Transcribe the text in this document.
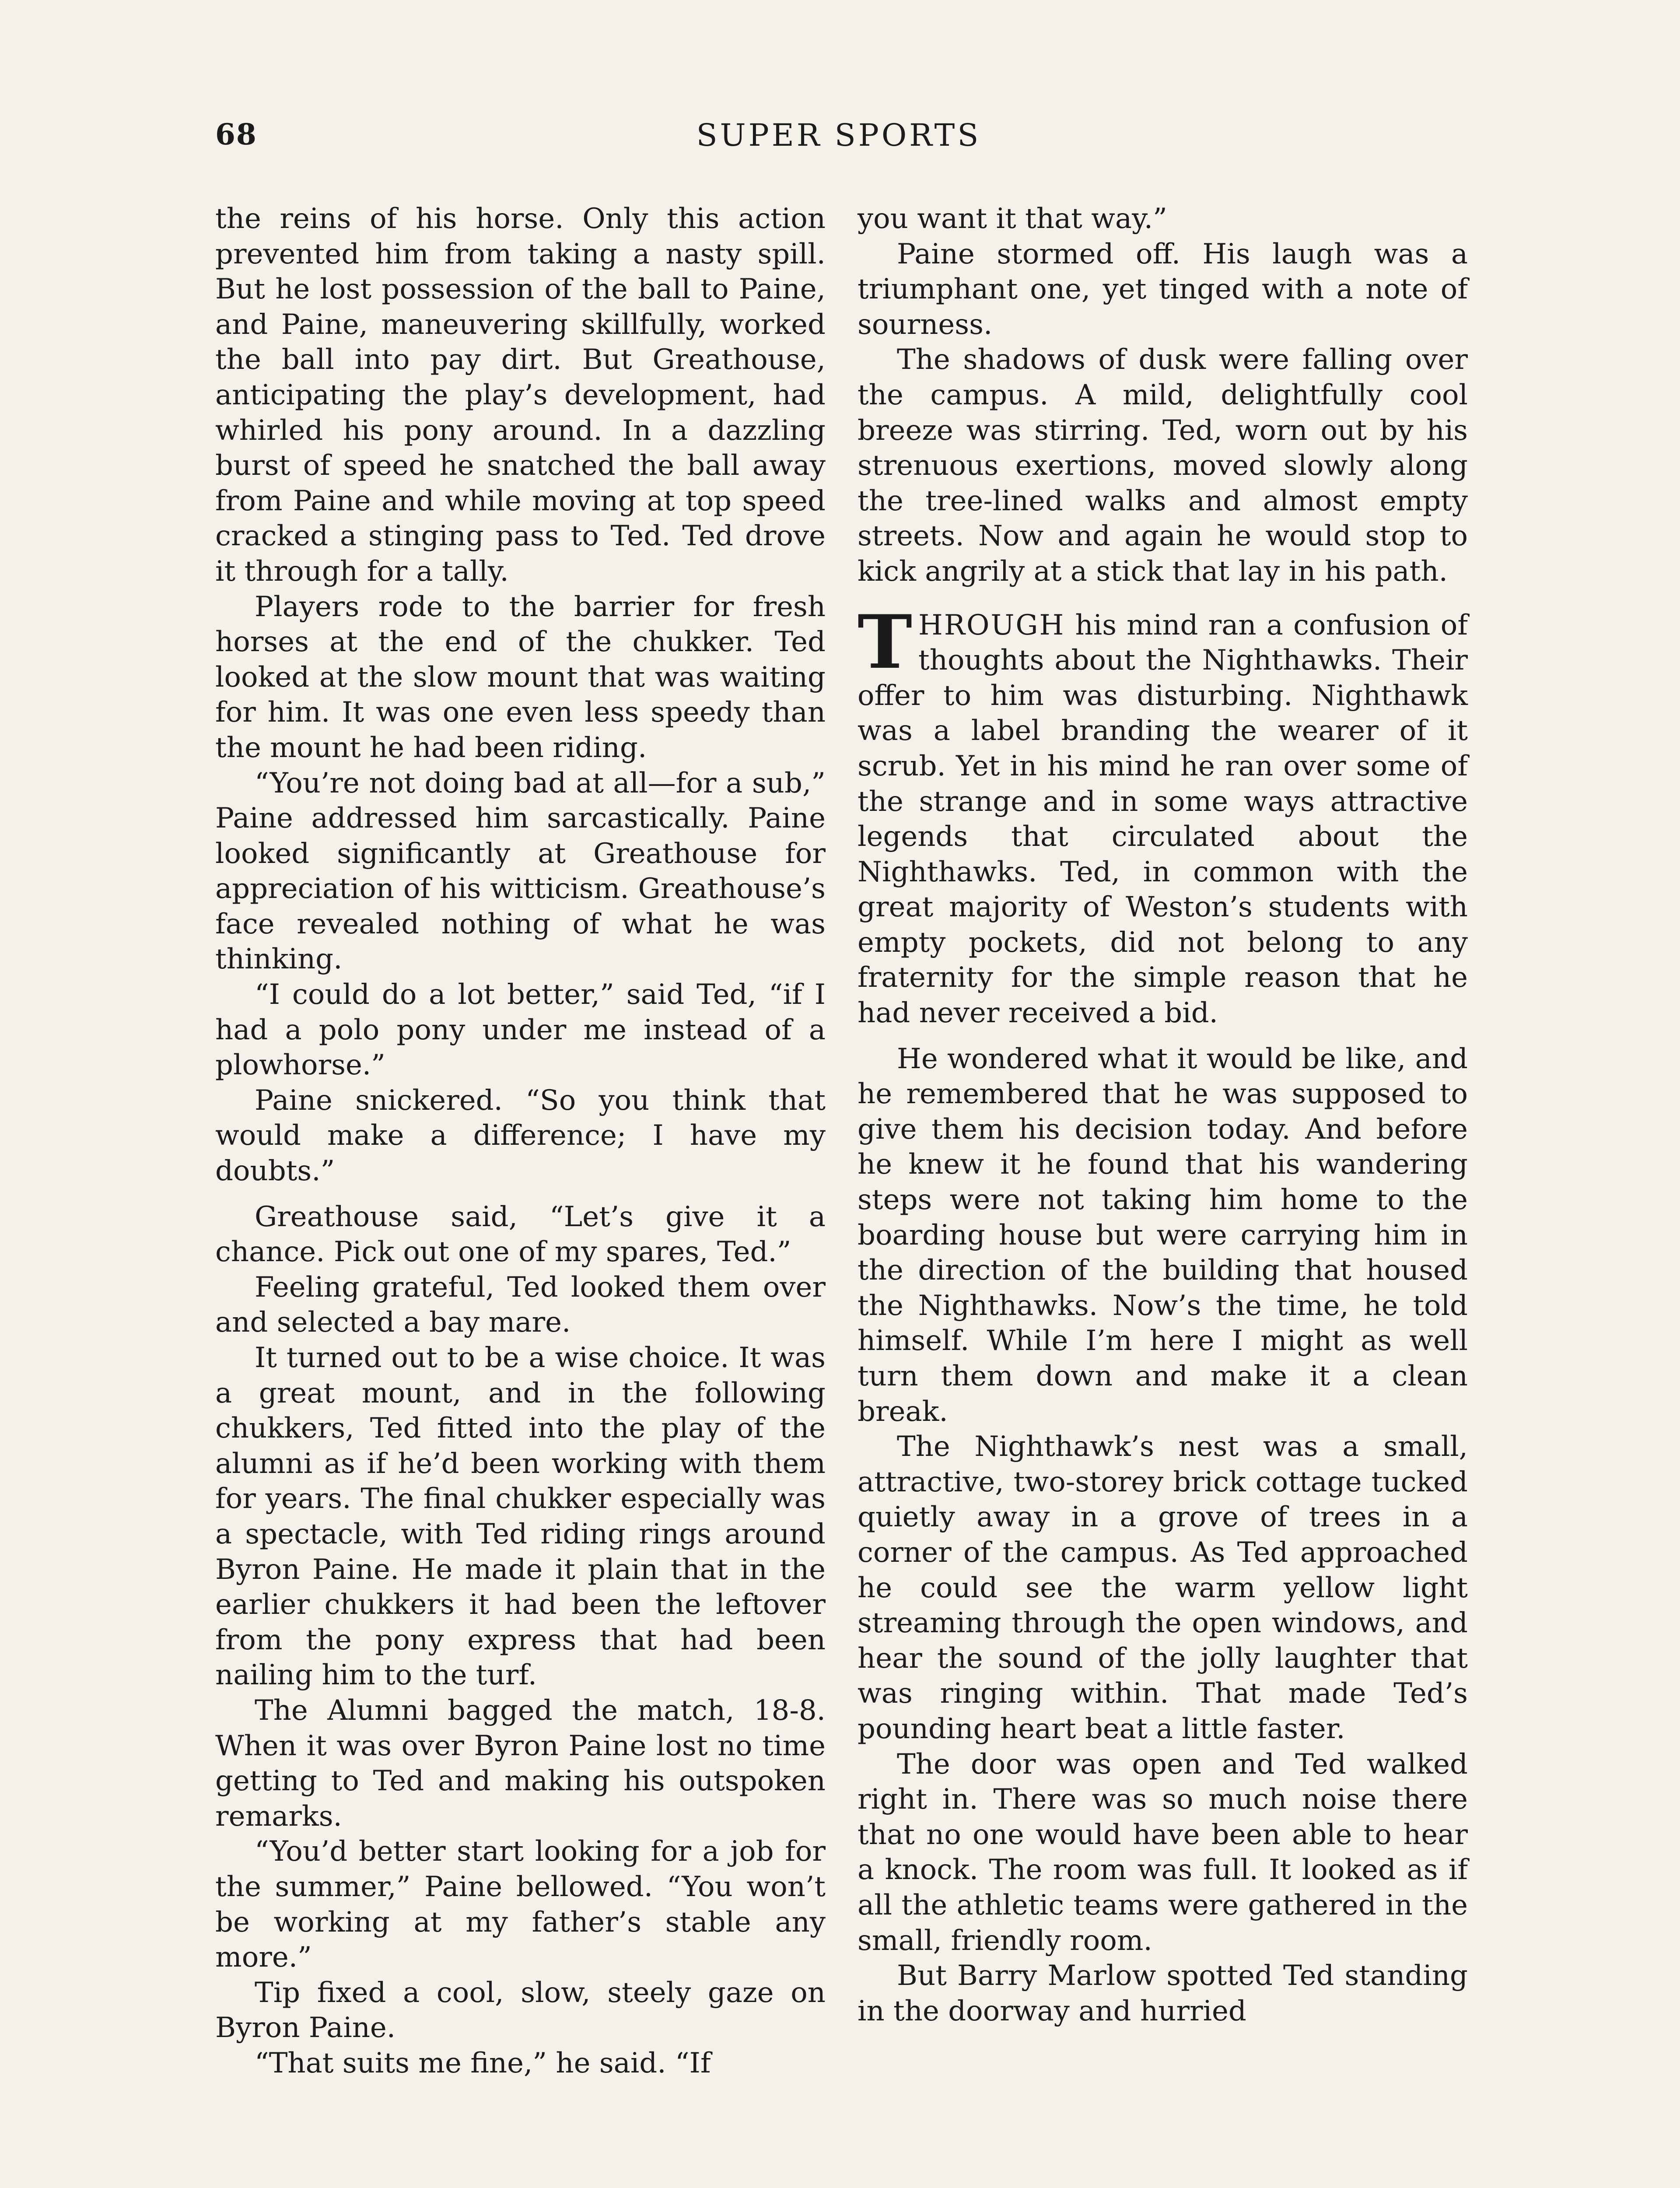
68	SUPER SPORTS

the reins of his horse. Only this action prevented him from taking a nasty spill. But he lost possession of the ball to Paine, and Paine, maneuvering skillfully, worked the ball into pay dirt. But Greathouse, anticipating the play’s development, had whirled his pony around. In a dazzling burst of speed he snatched the ball away from Paine and while moving at top speed cracked a stinging pass to Ted. Ted drove it through for a tally.

Players rode to the barrier for fresh horses at the end of the chukker. Ted looked at the slow mount that was waiting for him. It was one even less speedy than the mount he had been riding.

“You’re not doing bad at all—for a sub,” Paine addressed him sarcastically. Paine looked significantly at Greathouse for appreciation of his witticism. Greathouse’s face revealed nothing of what he was thinking.

“I could do a lot better,” said Ted, “if I had a polo pony under me instead of a plowhorse.”

Paine snickered. “So you think that would make a difference; I have my doubts.”

Greathouse said, “Let’s give it a chance. Pick out one of my spares, Ted.”

Feeling grateful, Ted looked them over and selected a bay mare.

It turned out to be a wise choice. It was a great mount, and in the following chukkers, Ted fitted into the play of the alumni as if he’d been working with them for years. The final chukker especially was a spectacle, with Ted riding rings around Byron Paine. He made it plain that in the earlier chukkers it had been the leftover from the pony express that had been nailing him to the turf.

The Alumni bagged the match, 18-8. When it was over Byron Paine lost no time getting to Ted and making his outspoken remarks.

“You’d better start looking for a job for the summer,” Paine bellowed. “You won’t be working at my father’s stable any more.”

Tip fixed a cool, slow, steely gaze on Byron Paine.

“That suits me fine,” he said. “If

you want it that way.”

Paine stormed off. His laugh was a triumphant one, yet tinged with a note of sourness.

The shadows of dusk were falling over the campus. A mild, delightfully cool breeze was stirring. Ted, worn out by his strenuous exertions, moved slowly along the tree-lined walks and almost empty streets. Now and again he would stop to kick angrily at a stick that lay in his path.

THROUGH his mind ran a confusion of thoughts about the Nighthawks. Their offer to him was disturbing. Nighthawk was a label branding the wearer of it scrub. Yet in his mind he ran over some of the strange and in some ways attractive legends that circulated about the Nighthawks. Ted, in common with the great majority of Weston’s students with empty pockets, did not belong to any fraternity for the simple reason that he had never received a bid.

He wondered what it would be like, and he remembered that he was supposed to give them his decision today. And before he knew it he found that his wandering steps were not taking him home to the boarding house but were carrying him in the direction of the building that housed the Nighthawks. Now’s the time, he told himself. While I’m here I might as well turn them down and make it a clean break.

The Nighthawk’s nest was a small, attractive, two-storey brick cottage tucked quietly away in a grove of trees in a corner of the campus. As Ted approached he could see the warm yellow light streaming through the open windows, and hear the sound of the jolly laughter that was ringing within. That made Ted’s pounding heart beat a little faster.

The door was open and Ted walked right in. There was so much noise there that no one would have been able to hear a knock. The room was full. It looked as if all the athletic teams were gathered in the small, friendly room.

But Barry Marlow spotted Ted standing in the doorway and hurried
